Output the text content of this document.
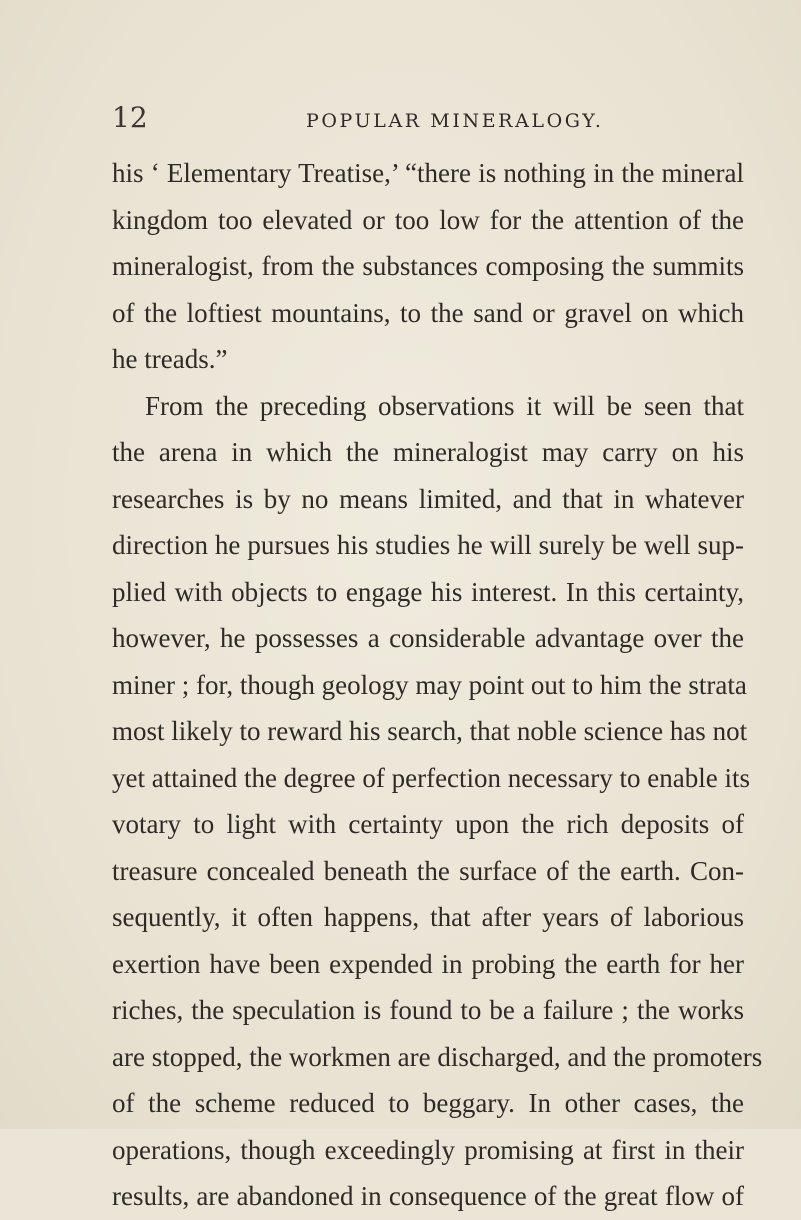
12	POPULAR MINERALOGY.
his ‘ Elementary Treatise,’ “there is nothing in the mineral
kingdom too elevated or too low for the attention of the
mineralogist, from the substances composing the summits
of the loftiest mountains, to the sand or gravel on which
he treads.”
From the preceding observations it will be seen that
the arena in which the mineralogist may carry on his
researches is by no means limited, and that in whatever
direction he pursues his studies he will surely be well sup-
plied with objects to engage his interest. In this certainty,
however, he possesses a considerable advantage over the
miner ; for, though geology may point out to him the strata
most likely to reward his search, that noble science has not
yet attained the degree of perfection necessary to enable its
votary to light with certainty upon the rich deposits of
treasure concealed beneath the surface of the earth. Con-
sequently, it often happens, that after years of laborious
exertion have been expended in probing the earth for her
riches, the speculation is found to be a failure ; the works
are stopped, the workmen are discharged, and the promoters
of the scheme reduced to beggary. In other cases, the
operations, though exceedingly promising at first in their
results, are abandoned in consequence of the great flow of
